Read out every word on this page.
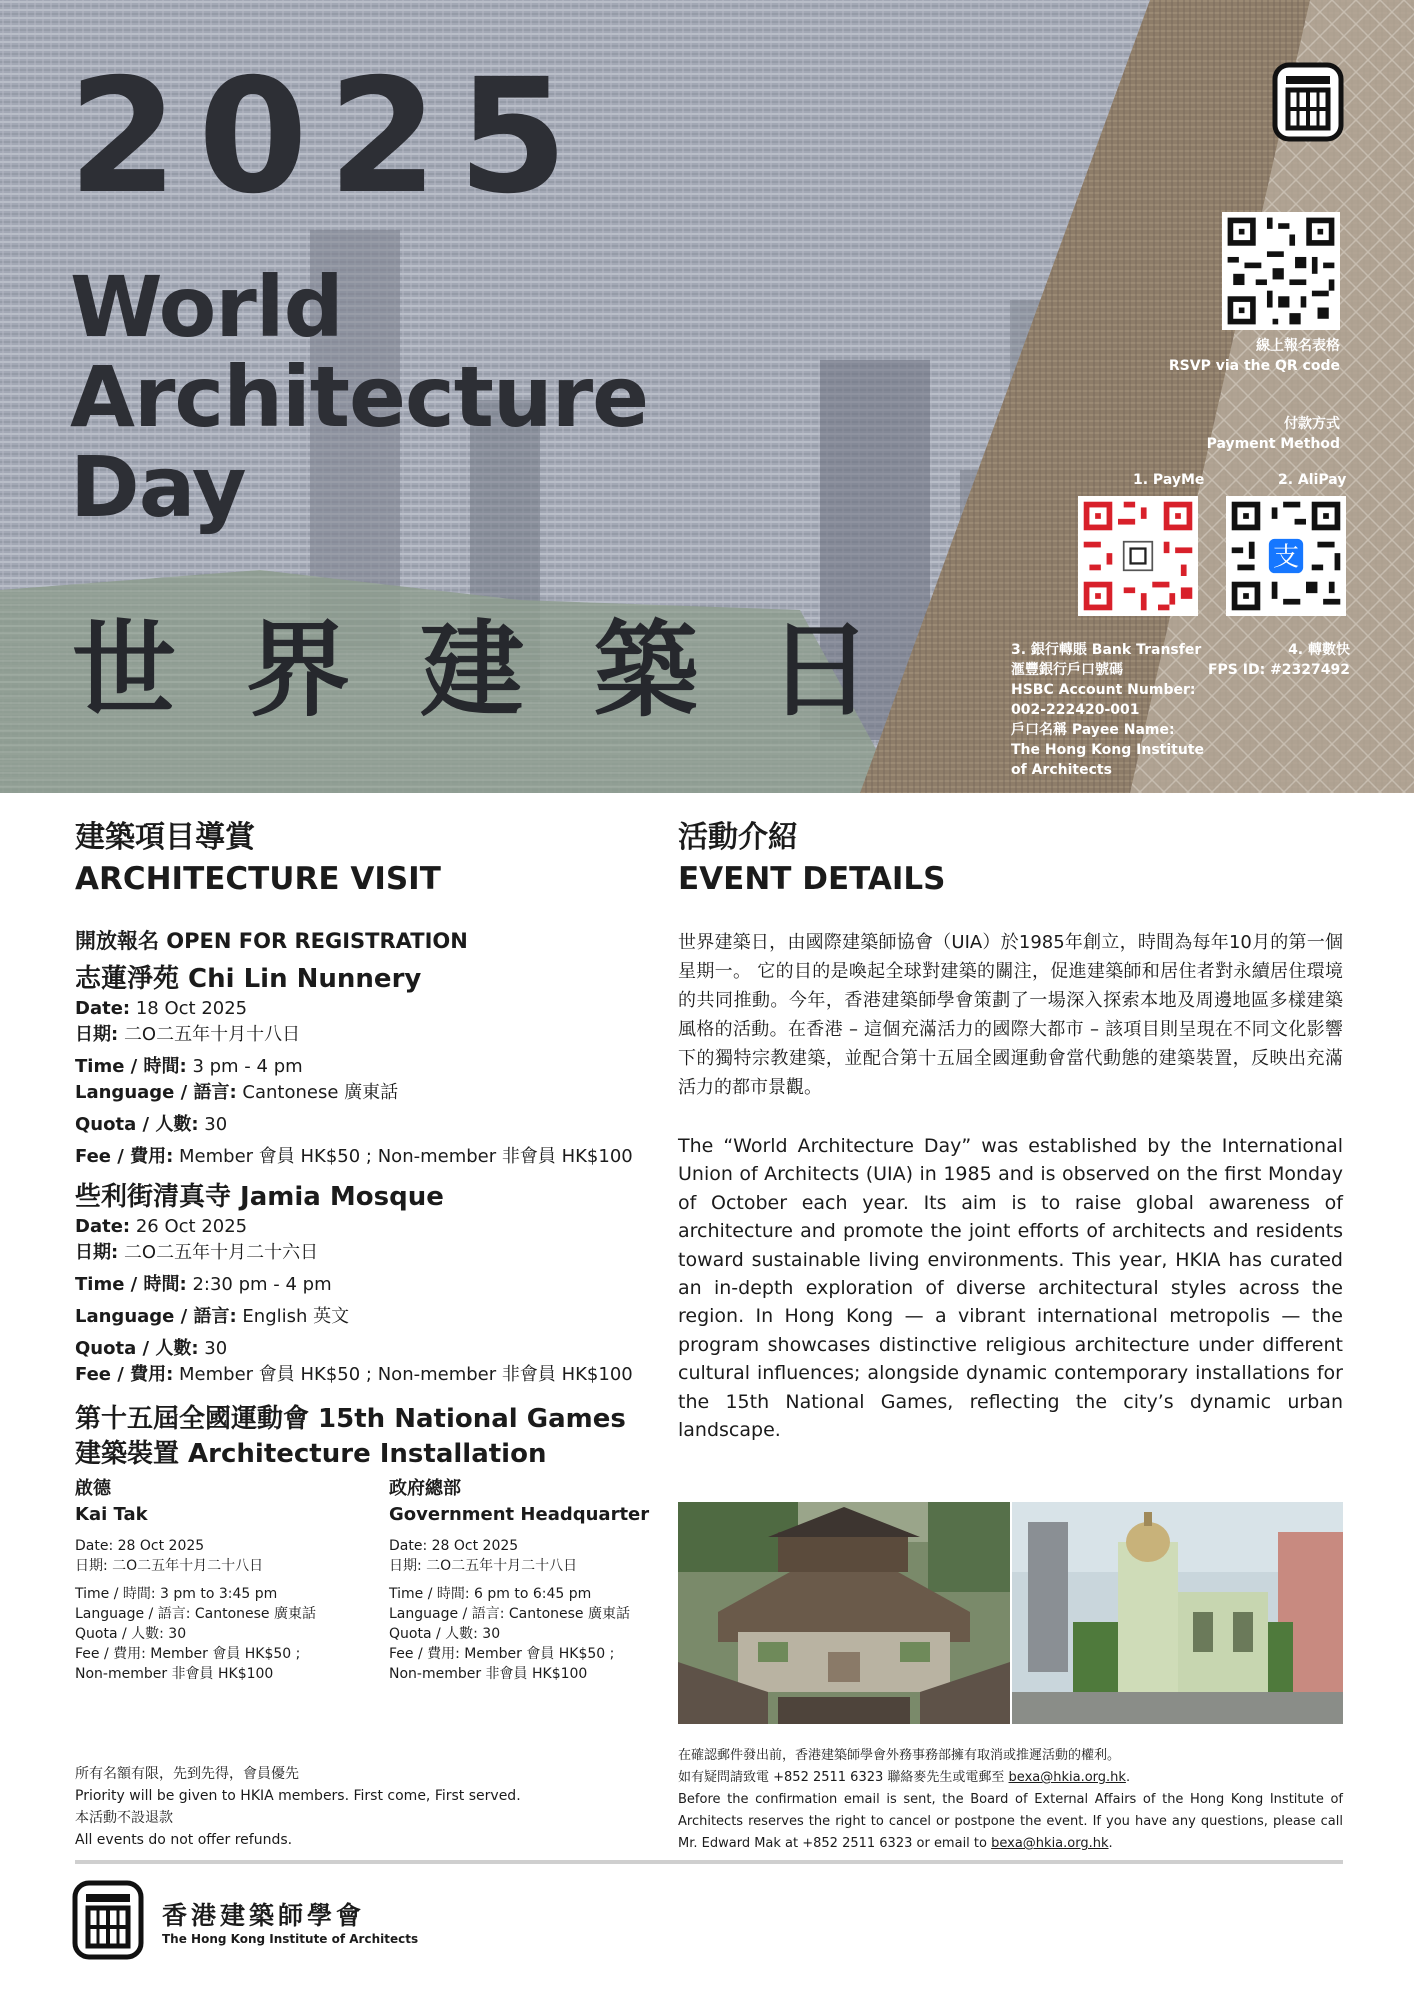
2025
World
Architecture
Day
世界建築日
線上報名表格
RSVP via the QR code
付款方式
Payment Method
1. PayMe	2. AliPay
支
3. 銀行轉賬 Bank Transfer
滙豐銀行戶口號碼
HSBC Account Number:
002-222420-001
戶口名稱 Payee Name:
The Hong Kong Institute
of Architects
4. 轉數快
FPS ID: #2327492
建築項目導賞
ARCHITECTURE VISIT
開放報名 OPEN FOR REGISTRATION
志蓮淨苑 Chi Lin Nunnery
Date: 18 Oct 2025
日期: 二O二五年十月十八日
Time / 時間: 3 pm - 4 pm
Language / 語言: Cantonese 廣東話
Quota / 人數: 30
Fee / 費用: Member 會員 HK$50 ; Non-member 非會員 HK$100
些利街清真寺 Jamia Mosque
Date: 26 Oct 2025
日期: 二O二五年十月二十六日
Time / 時間: 2:30 pm - 4 pm
Language / 語言: English 英文
Quota / 人數: 30
Fee / 費用: Member 會員 HK$50 ; Non-member 非會員 HK$100
第十五屆全國運動會 15th National Games
建築裝置 Architecture Installation
啟德
Kai Tak
Date: 28 Oct 2025
日期: 二O二五年十月二十八日
Time / 時間: 3 pm to 3:45 pm
Language / 語言: Cantonese 廣東話
Quota / 人數: 30
Fee / 費用: Member 會員 HK$50 ;
Non-member 非會員 HK$100
政府總部
Government Headquarter
Date: 28 Oct 2025
日期: 二O二五年十月二十八日
Time / 時間: 6 pm to 6:45 pm
Language / 語言: Cantonese 廣東話
Quota / 人數: 30
Fee / 費用: Member 會員 HK$50 ;
Non-member 非會員 HK$100
所有名額有限，先到先得，會員優先
Priority will be given to HKIA members. First come, First served.
本活動不設退款
All events do not offer refunds.
活動介紹
EVENT DETAILS
世界建築日，由國際建築師協會（UIA）於1985年創立，時間為每年10月的第一個星期一。 它的目的是喚起全球對建築的關注，促進建築師和居住者對永續居住環境的共同推動。今年，香港建築師學會策劃了一場深入探索本地及周邊地區多樣建築風格的活動。在香港 – 這個充滿活力的國際大都市 – 該項目則呈現在不同文化影響下的獨特宗教建築，並配合第十五屆全國運動會當代動態的建築裝置，反映出充滿活力的都市景觀。
The “World Architecture Day” was established by the International Union of Architects (UIA) in 1985 and is observed on the first Monday of October each year. Its aim is to raise global awareness of architecture and promote the joint efforts of architects and residents toward sustainable living environments. This year, HKIA has curated an in-depth exploration of diverse architectural styles across the region. In Hong Kong — a vibrant international metropolis — the program showcases distinctive religious architecture under different cultural influences; alongside dynamic contemporary installations for the 15th National Games, reflecting the city’s dynamic urban landscape.
在確認郵件發出前，香港建築師學會外務事務部擁有取消或推遲活動的權利。
如有疑問請致電 +852 2511 6323 聯絡麥先生或電郵至 bexa@hkia.org.hk.
Before the confirmation email is sent, the Board of External Affairs of the Hong Kong Institute of Architects reserves the right to cancel or postpone the event. If you have any questions, please call Mr. Edward Mak at +852 2511 6323 or email to bexa@hkia.org.hk.
香港建築師學會
The Hong Kong Institute of Architects
